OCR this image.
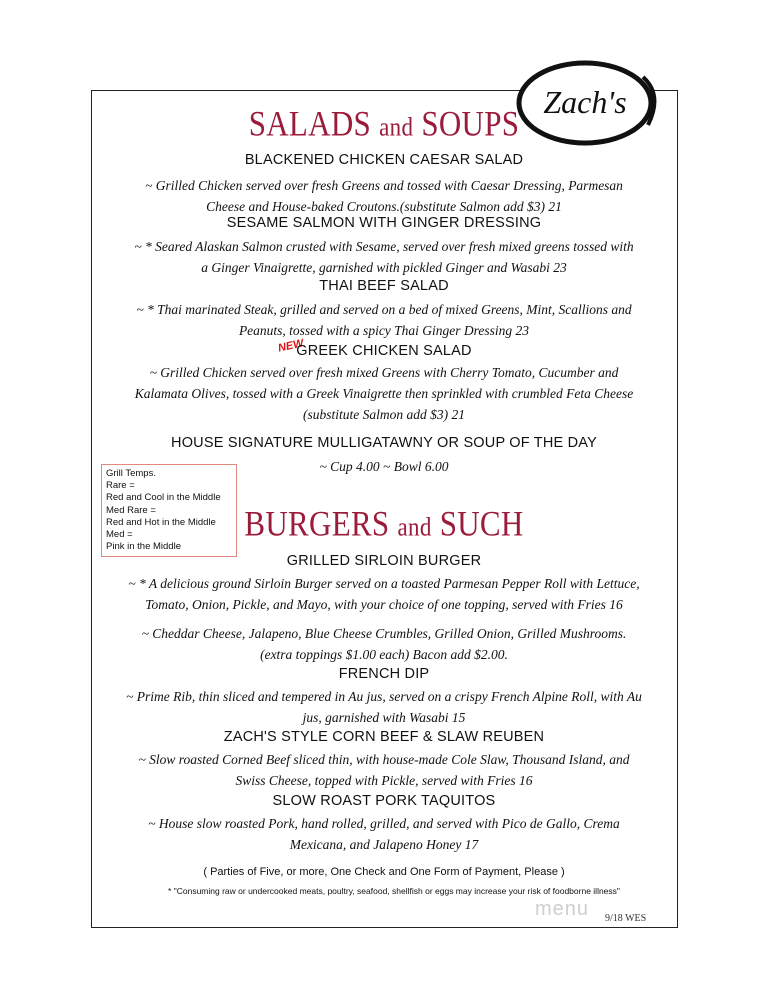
Zach's
SALADS and SOUPS
BLACKENED CHICKEN CAESAR SALAD
~ Grilled Chicken served over fresh Greens and tossed with Caesar Dressing, Parmesan
Cheese and House-baked Croutons.(substitute Salmon add $3) 21
SESAME SALMON WITH GINGER DRESSING
~ * Seared Alaskan Salmon crusted with Sesame, served over fresh mixed greens tossed with
a Ginger Vinaigrette, garnished with pickled Ginger and Wasabi 23
THAI BEEF SALAD
~ * Thai marinated Steak, grilled and served on a bed of mixed Greens, Mint, Scallions and
Peanuts, tossed with a spicy Thai Ginger Dressing 23
NEW
GREEK CHICKEN SALAD
~ Grilled Chicken served over fresh mixed Greens with Cherry Tomato, Cucumber and
Kalamata Olives, tossed with a Greek Vinaigrette then sprinkled with crumbled Feta Cheese
(substitute Salmon add $3) 21
HOUSE SIGNATURE MULLIGATAWNY OR SOUP OF THE DAY
~ Cup 4.00 ~ Bowl 6.00
Grill Temps.
Rare =
Red and Cool in the Middle
Med Rare =
Red and Hot in the Middle
Med =
Pink in the Middle
BURGERS and SUCH
GRILLED SIRLOIN BURGER
~ * A delicious ground Sirloin Burger served on a toasted Parmesan Pepper Roll with Lettuce,
Tomato, Onion, Pickle, and Mayo, with your choice of one topping, served with Fries 16
~ Cheddar Cheese, Jalapeno, Blue Cheese Crumbles, Grilled Onion, Grilled Mushrooms.
(extra toppings $1.00 each) Bacon add $2.00.
FRENCH DIP
~ Prime Rib, thin sliced and tempered in Au jus, served on a crispy French Alpine Roll, with Au
jus, garnished with Wasabi 15
ZACH'S STYLE CORN BEEF & SLAW REUBEN
~ Slow roasted Corned Beef sliced thin, with house-made Cole Slaw, Thousand Island, and
Swiss Cheese, topped with Pickle, served with Fries 16
SLOW ROAST PORK TAQUITOS
~ House slow roasted Pork, hand rolled, grilled, and served with Pico de Gallo, Crema
Mexicana, and Jalapeno Honey 17
( Parties of Five, or more, One Check and One Form of Payment, Please )
* "Consuming raw or undercooked meats, poultry, seafood, shellfish or eggs may increase your risk of foodborne illness"
menu 9/18 WES
